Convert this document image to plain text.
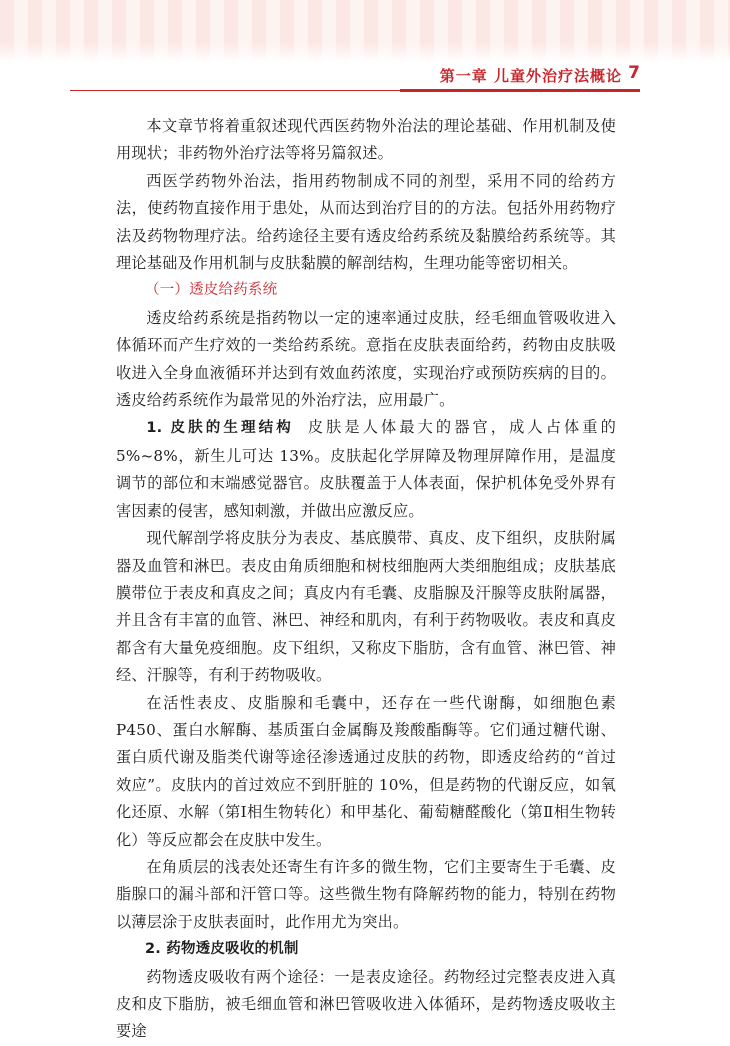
第一章 儿童外治疗法概论 7

本文章节将着重叙述现代西医药物外治法的理论基础、作用机制及使用现状；非药物外治疗法等将另篇叙述。

西医学药物外治法，指用药物制成不同的剂型，采用不同的给药方法，使药物直接作用于患处，从而达到治疗目的的方法。包括外用药物疗法及药物物理疗法。给药途径主要有透皮给药系统及黏膜给药系统等。其理论基础及作用机制与皮肤黏膜的解剖结构，生理功能等密切相关。

（一）透皮给药系统

透皮给药系统是指药物以一定的速率通过皮肤，经毛细血管吸收进入体循环而产生疗效的一类给药系统。意指在皮肤表面给药，药物由皮肤吸收进入全身血液循环并达到有效血药浓度，实现治疗或预防疾病的目的。透皮给药系统作为最常见的外治疗法，应用最广。

1. 皮肤的生理结构 皮肤是人体最大的器官，成人占体重的 5%~8%，新生儿可达 13%。皮肤起化学屏障及物理屏障作用，是温度调节的部位和末端感觉器官。皮肤覆盖于人体表面，保护机体免受外界有害因素的侵害，感知刺激，并做出应激反应。

现代解剖学将皮肤分为表皮、基底膜带、真皮、皮下组织，皮肤附属器及血管和淋巴。表皮由角质细胞和树枝细胞两大类细胞组成；皮肤基底膜带位于表皮和真皮之间；真皮内有毛囊、皮脂腺及汗腺等皮肤附属器，并且含有丰富的血管、淋巴、神经和肌肉，有利于药物吸收。表皮和真皮都含有大量免疫细胞。皮下组织，又称皮下脂肪，含有血管、淋巴管、神经、汗腺等，有利于药物吸收。

在活性表皮、皮脂腺和毛囊中，还存在一些代谢酶，如细胞色素 P450、蛋白水解酶、基质蛋白金属酶及羧酸酯酶等。它们通过糖代谢、蛋白质代谢及脂类代谢等途径渗透通过皮肤的药物，即透皮给药的“首过效应”。皮肤内的首过效应不到肝脏的 10%，但是药物的代谢反应，如氧化还原、水解（第Ⅰ相生物转化）和甲基化、葡萄糖醛酸化（第Ⅱ相生物转化）等反应都会在皮肤中发生。

在角质层的浅表处还寄生有许多的微生物，它们主要寄生于毛囊、皮脂腺口的漏斗部和汗管口等。这些微生物有降解药物的能力，特别在药物以薄层涂于皮肤表面时，此作用尤为突出。

2. 药物透皮吸收的机制

药物透皮吸收有两个途径：一是表皮途径。药物经过完整表皮进入真皮和皮下脂肪，被毛细血管和淋巴管吸收进入体循环，是药物透皮吸收主要途
